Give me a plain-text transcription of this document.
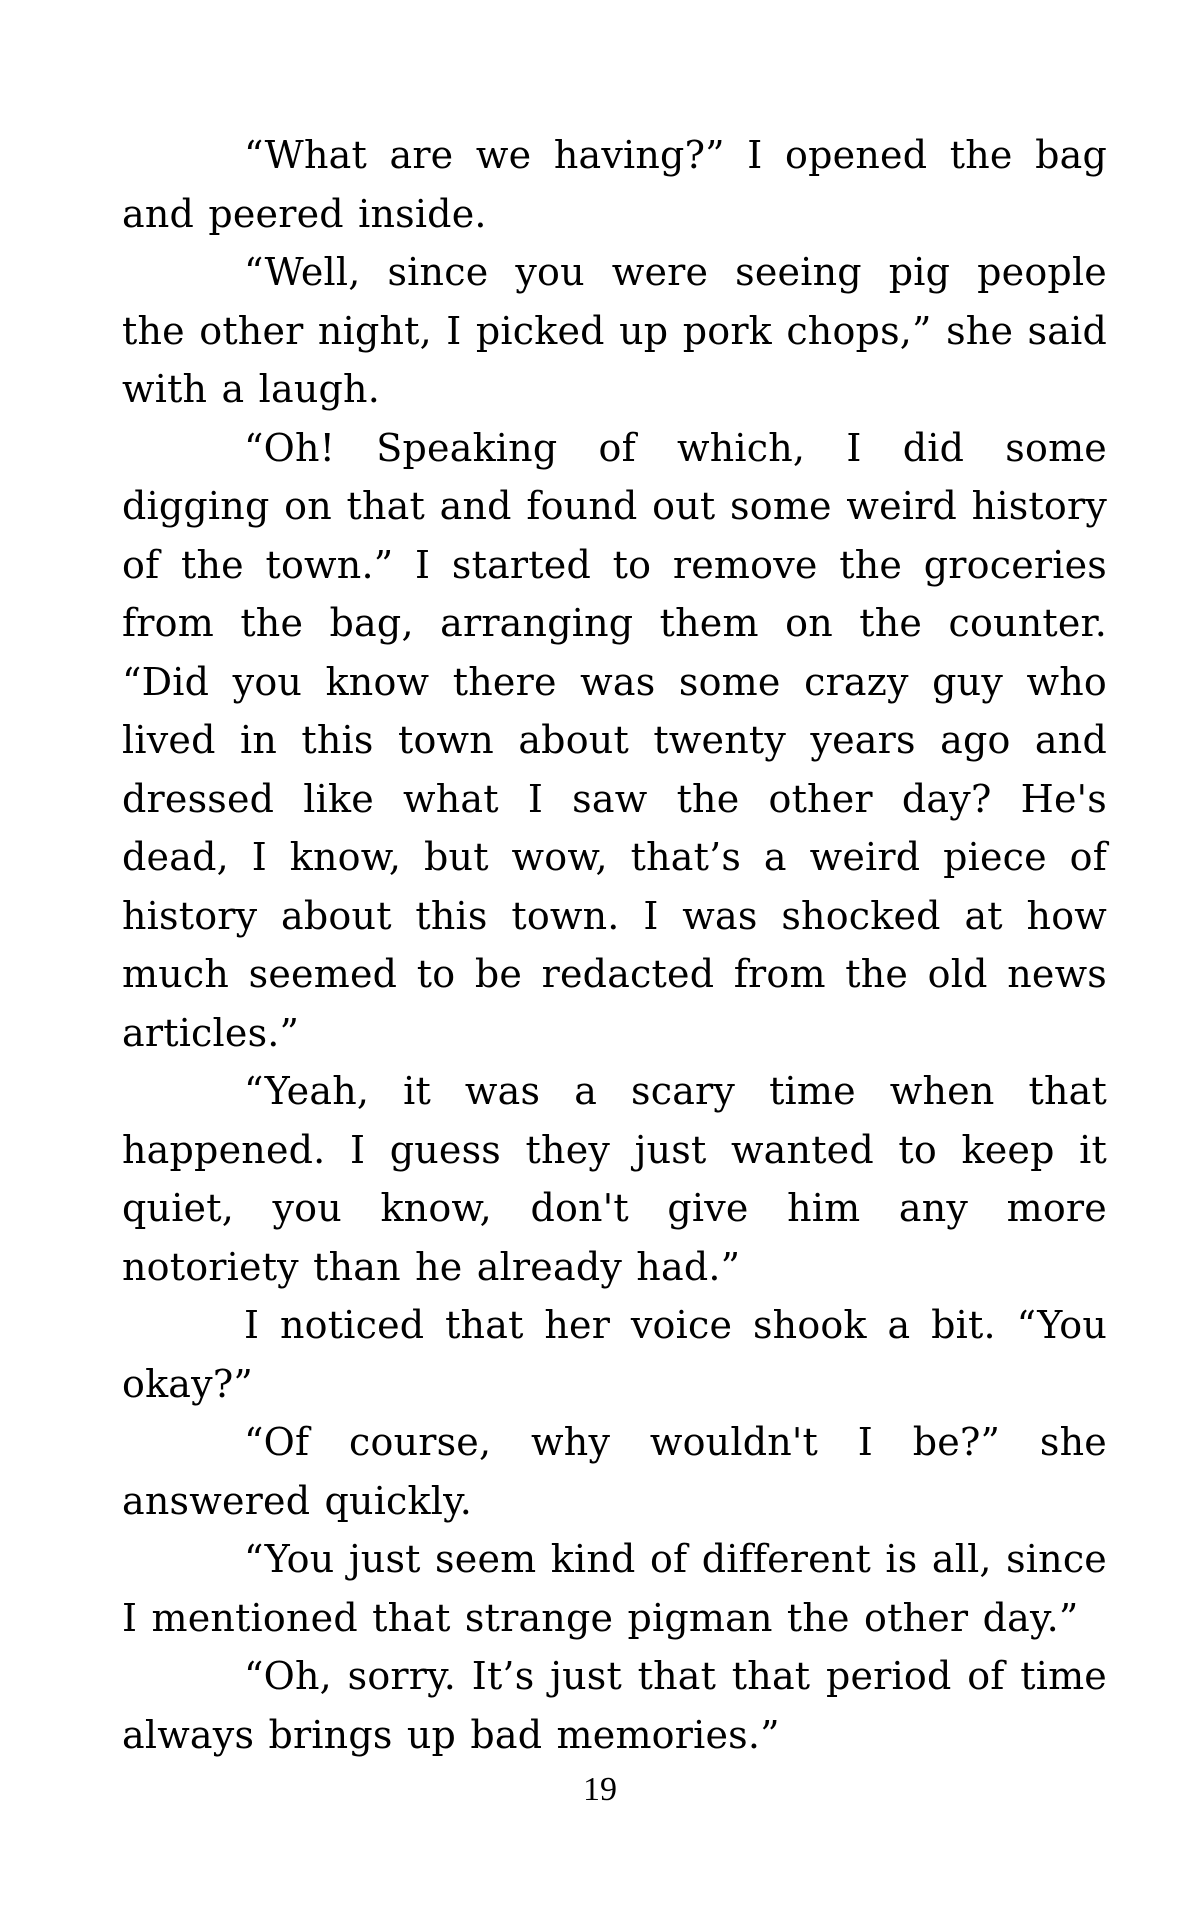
“What are we having?” I opened the bag and peered inside.

“Well, since you were seeing pig people the other night, I picked up pork chops,” she said with a laugh.

“Oh! Speaking of which, I did some digging on that and found out some weird history of the town.” I started to remove the groceries from the bag, arranging them on the counter. “Did you know there was some crazy guy who lived in this town about twenty years ago and dressed like what I saw the other day? He's dead, I know, but wow, that’s a weird piece of history about this town. I was shocked at how much seemed to be redacted from the old news articles.”

“Yeah, it was a scary time when that happened. I guess they just wanted to keep it quiet, you know, don't give him any more notoriety than he already had.”

I noticed that her voice shook a bit. “You okay?”

“Of course, why wouldn't I be?” she answered quickly.

“You just seem kind of different is all, since I mentioned that strange pigman the other day.”

“Oh, sorry. It’s just that that period of time always brings up bad memories.”

19
